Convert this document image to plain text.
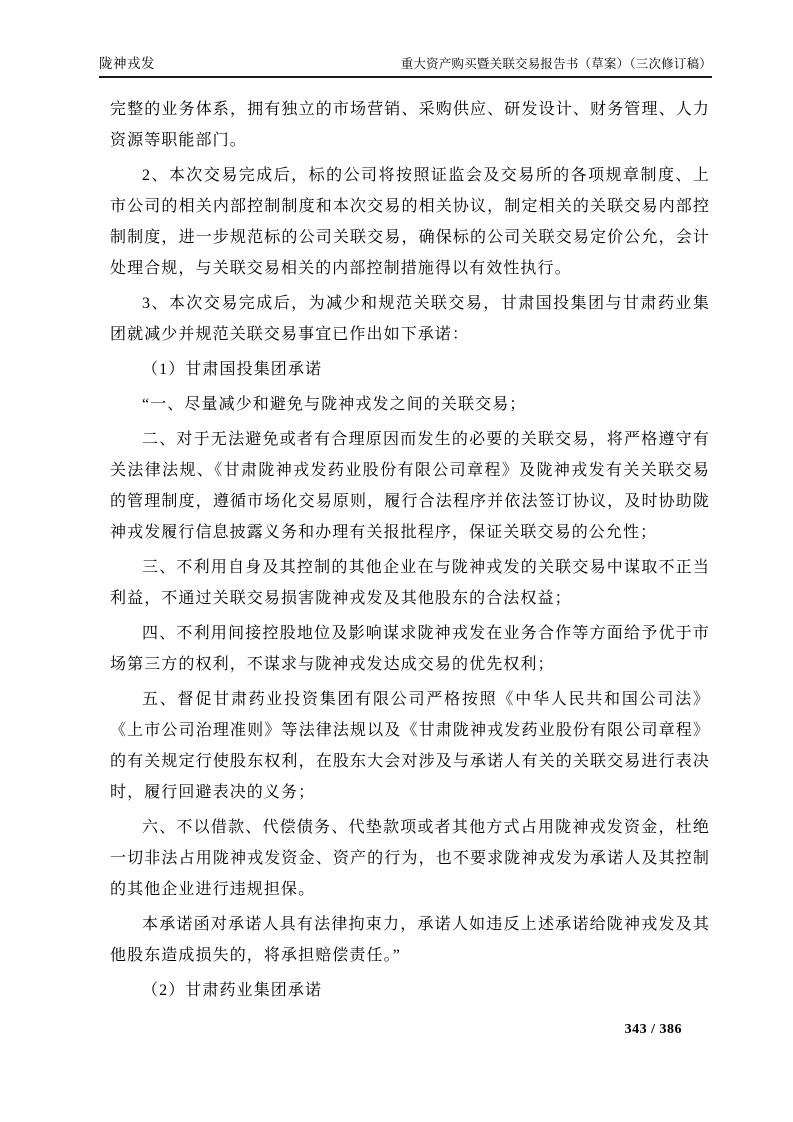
陇神戎发	重大资产购买暨关联交易报告书（草案）（三次修订稿）

完整的业务体系，拥有独立的市场营销、采购供应、研发设计、财务管理、人力资源等职能部门。

2、本次交易完成后，标的公司将按照证监会及交易所的各项规章制度、上市公司的相关内部控制制度和本次交易的相关协议，制定相关的关联交易内部控制制度，进一步规范标的公司关联交易，确保标的公司关联交易定价公允，会计处理合规，与关联交易相关的内部控制措施得以有效性执行。

3、本次交易完成后，为减少和规范关联交易，甘肃国投集团与甘肃药业集团就减少并规范关联交易事宜已作出如下承诺：

（1）甘肃国投集团承诺

“一、尽量减少和避免与陇神戎发之间的关联交易；

二、对于无法避免或者有合理原因而发生的必要的关联交易，将严格遵守有关法律法规、《甘肃陇神戎发药业股份有限公司章程》及陇神戎发有关关联交易的管理制度，遵循市场化交易原则，履行合法程序并依法签订协议，及时协助陇神戎发履行信息披露义务和办理有关报批程序，保证关联交易的公允性；

三、不利用自身及其控制的其他企业在与陇神戎发的关联交易中谋取不正当利益，不通过关联交易损害陇神戎发及其他股东的合法权益；

四、不利用间接控股地位及影响谋求陇神戎发在业务合作等方面给予优于市场第三方的权利，不谋求与陇神戎发达成交易的优先权利；

五、督促甘肃药业投资集团有限公司严格按照《中华人民共和国公司法》《上市公司治理准则》等法律法规以及《甘肃陇神戎发药业股份有限公司章程》的有关规定行使股东权利，在股东大会对涉及与承诺人有关的关联交易进行表决时，履行回避表决的义务；

六、不以借款、代偿债务、代垫款项或者其他方式占用陇神戎发资金，杜绝一切非法占用陇神戎发资金、资产的行为，也不要求陇神戎发为承诺人及其控制的其他企业进行违规担保。

本承诺函对承诺人具有法律拘束力，承诺人如违反上述承诺给陇神戎发及其他股东造成损失的，将承担赔偿责任。”

（2）甘肃药业集团承诺

343 / 386
